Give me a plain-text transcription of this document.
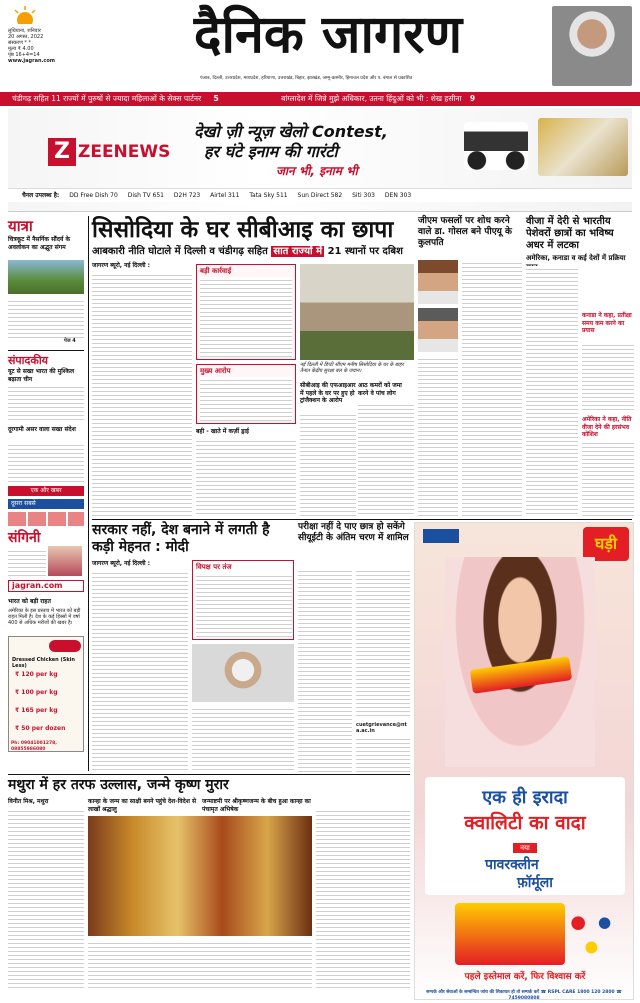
लुधियाना, शनिवार
20 अगस्त, 2022
संस्करण * *
मूल्य ₹ 4.00
पृष्ठ 16+4=14
www.jagran.com	दैनिक जागरण
पंजाब, दिल्ली, उत्तरप्रदेश, मध्यप्रदेश, हरियाणा, उत्तराखंड, बिहार, झारखंड, जम्मू-कश्मीर, हिमाचल प्रदेश और प. बंगाल से प्रकाशित
चंडीगढ़ सहित 11 राज्यों में पुरुषों से ज्यादा महिलाओं के सेक्स पार्टनर 5	बांग्लादेश में जिन्ने मुझे अधिकार, उतना हिंदुओं को भी : शेख हसीना 9
Z ZEENEWS
देखो ज़ी न्यूज़ खेलो Contest,
हर घंटे इनाम की गारंटी
जान भी, इनाम भी
चैनल उपलब्ध है: DD Free Dish 70 Dish TV 651 D2H 723 Airtel 311 Tata Sky 511 Sun Direct 582 Siti 303 DEN 303
यात्रा
चित्रकूट में नैसर्गिक सौंदर्य के अवलोकन का अद्भुत संगम
पेज 4
संपादकीय
यूट से सख्त भारत की मुश्किल बढ़ाता चीन
दूरगामी असर वाला सख्त संदेश
एक और खबर
दूसरा सबसे
संगिनी
jagran.com
भारत को बड़ी राहत
अमेरिका के इस प्रस्ताव में भारत को बड़ी राहत मिली है। देश के कई हिस्सों में वर्षा 400 से अधिक मरीजों की खबर है।
Dressed Chicken (Skin Less)
₹ 120 per kg
₹ 100 per kg
₹ 165 per kg
₹ 50 per dozen
Ph: 09041001278, 08855986080
सिसोदिया के घर सीबीआइ का छापा
आबकारी नीति घोटाले में दिल्ली व चंडीगढ़ सहित सात राज्यों में 21 स्थानों पर दबिश
जागरण ब्यूरो, नई दिल्ली :
बड़ी कार्रवाई
मुख्य आरोप
बही - खाते में कर्ज़ी ड्राई
नई दिल्ली में डिप्टी सीएम मनीष सिसोदिया के घर के बाहर तैनात केंद्रीय सुरक्षा बल के जवान।
सीबीआइ की एफआइआर में पहले के घर पर हुए हो ट्रांजैक्शन के आरोप
आठ कमरों को जमा करने वे पांच लोग
जीएम फसलों पर शोध करने वाले डा. गोसल बने पीएयू के कुलपति
वीजा में देरी से भारतीय पेशेवरों छात्रों का भविष्य अधर में लटका
अमेरिका, कनाडा व कई देशों में प्रक्रिया
कनाडा ने कहा, प्रतीक्षा समय कम करने का प्रयास
अमेरिका ने कहा, नीति वीजा देने की हरसंभव कोशिश
सरकार नहीं, देश बनाने में लगती है कड़ी मेहनत : मोदी
जागरण ब्यूरो, नई दिल्ली :	विपक्ष पर तंज
परीक्षा नहीं दे पाए छात्र हो सकेंगे सीयूईटी के अंतिम चरण में शामिल
cuetgrievance@nta.ac.in
घड़ी
एक ही इरादा
क्वालिटी का वादा
नया
पावरक्लीन
फ़ॉर्मूला
पहले इस्तेमाल करें, फिर विश्वास करें
मथुरा में हर तरफ उल्लास, जन्मे कृष्ण मुरार
विनीत मिश्र, मथुरा	कान्हा के जन्म का साक्षी बनने पहुंचे देश-विदेश से लाखों श्रद्धालु
जन्माष्टमी पर श्रीकृष्णजन्म के बीच हुआ कान्हा का पंचामृत अभिषेक
सम्पर्क और सेवाओं के सम्बन्धित जांच की शिकायत हो तो सम्पर्क करें ☎ RSPL CARE 1800 120 2800 ☎ 7459080808
